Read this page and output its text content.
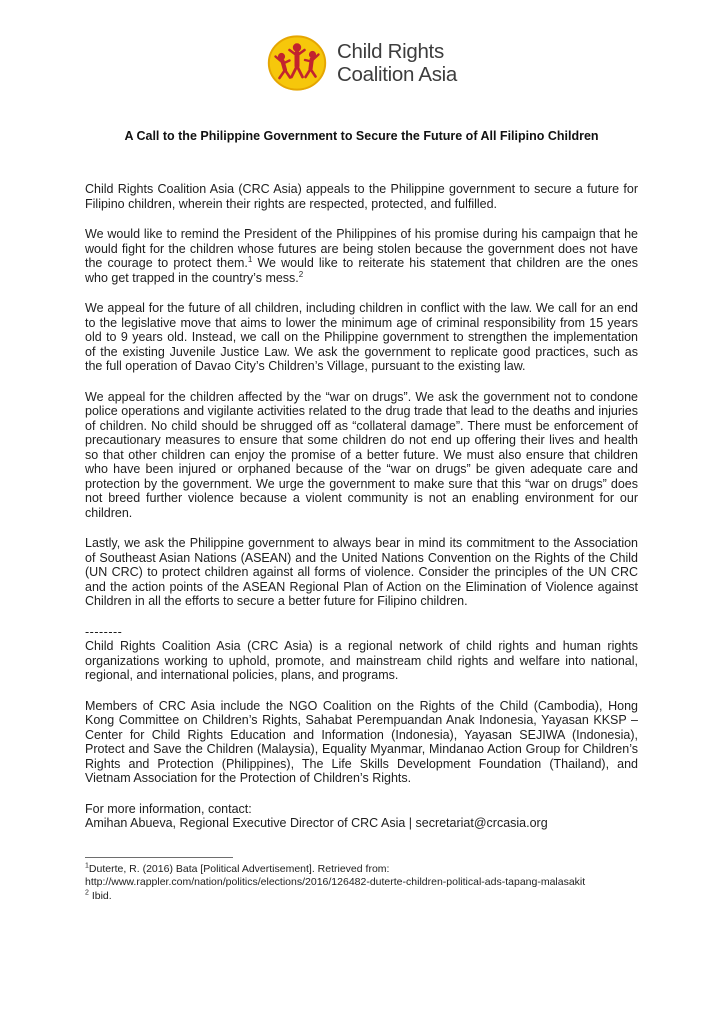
Child Rights
Coalition Asia
A Call to the Philippine Government to Secure the Future of All Filipino Children

Child Rights Coalition Asia (CRC Asia) appeals to the Philippine government to secure a future for Filipino children, wherein their rights are respected, protected, and fulfilled.

We would like to remind the President of the Philippines of his promise during his campaign that he would fight for the children whose futures are being stolen because the government does not have the courage to protect them.$^1$ We would like to reiterate his statement that children are the ones who get trapped in the country’s mess.$^2$

We appeal for the future of all children, including children in conflict with the law. We call for an end to the legislative move that aims to lower the minimum age of criminal responsibility from 15 years old to 9 years old. Instead, we call on the Philippine government to strengthen the implementation of the existing Juvenile Justice Law. We ask the government to replicate good practices, such as the full operation of Davao City’s Children’s Village, pursuant to the existing law.

We appeal for the children affected by the “war on drugs”. We ask the government not to condone police operations and vigilante activities related to the drug trade that lead to the deaths and injuries of children. No child should be shrugged off as “collateral damage”. There must be enforcement of precautionary measures to ensure that some children do not end up offering their lives and health so that other children can enjoy the promise of a better future. We must also ensure that children who have been injured or orphaned because of the “war on drugs” be given adequate care and protection by the government. We urge the government to make sure that this “war on drugs” does not breed further violence because a violent community is not an enabling environment for our children.

Lastly, we ask the Philippine government to always bear in mind its commitment to the Association of Southeast Asian Nations (ASEAN) and the United Nations Convention on the Rights of the Child (UN CRC) to protect children against all forms of violence. Consider the principles of the UN CRC and the action points of the ASEAN Regional Plan of Action on the Elimination of Violence against Children in all the efforts to secure a better future for Filipino children.

--------

Child Rights Coalition Asia (CRC Asia) is a regional network of child rights and human rights organizations working to uphold, promote, and mainstream child rights and welfare into national, regional, and international policies, plans, and programs.

Members of CRC Asia include the NGO Coalition on the Rights of the Child (Cambodia), Hong Kong Committee on Children’s Rights, Sahabat Perempuandan Anak Indonesia, Yayasan KKSP – Center for Child Rights Education and Information (Indonesia), Yayasan SEJIWA (Indonesia), Protect and Save the Children (Malaysia), Equality Myanmar, Mindanao Action Group for Children’s Rights and Protection (Philippines), The Life Skills Development Foundation (Thailand), and Vietnam Association for the Protection of Children’s Rights.

For more information, contact:
Amihan Abueva, Regional Executive Director of CRC Asia | secretariat@crcasia.org

$^1$Duterte, R. (2016) Bata [Political Advertisement]. Retrieved from:
http://www.rappler.com/nation/politics/elections/2016/126482-duterte-children-political-ads-tapang-malasakit
$^2$ Ibid.
